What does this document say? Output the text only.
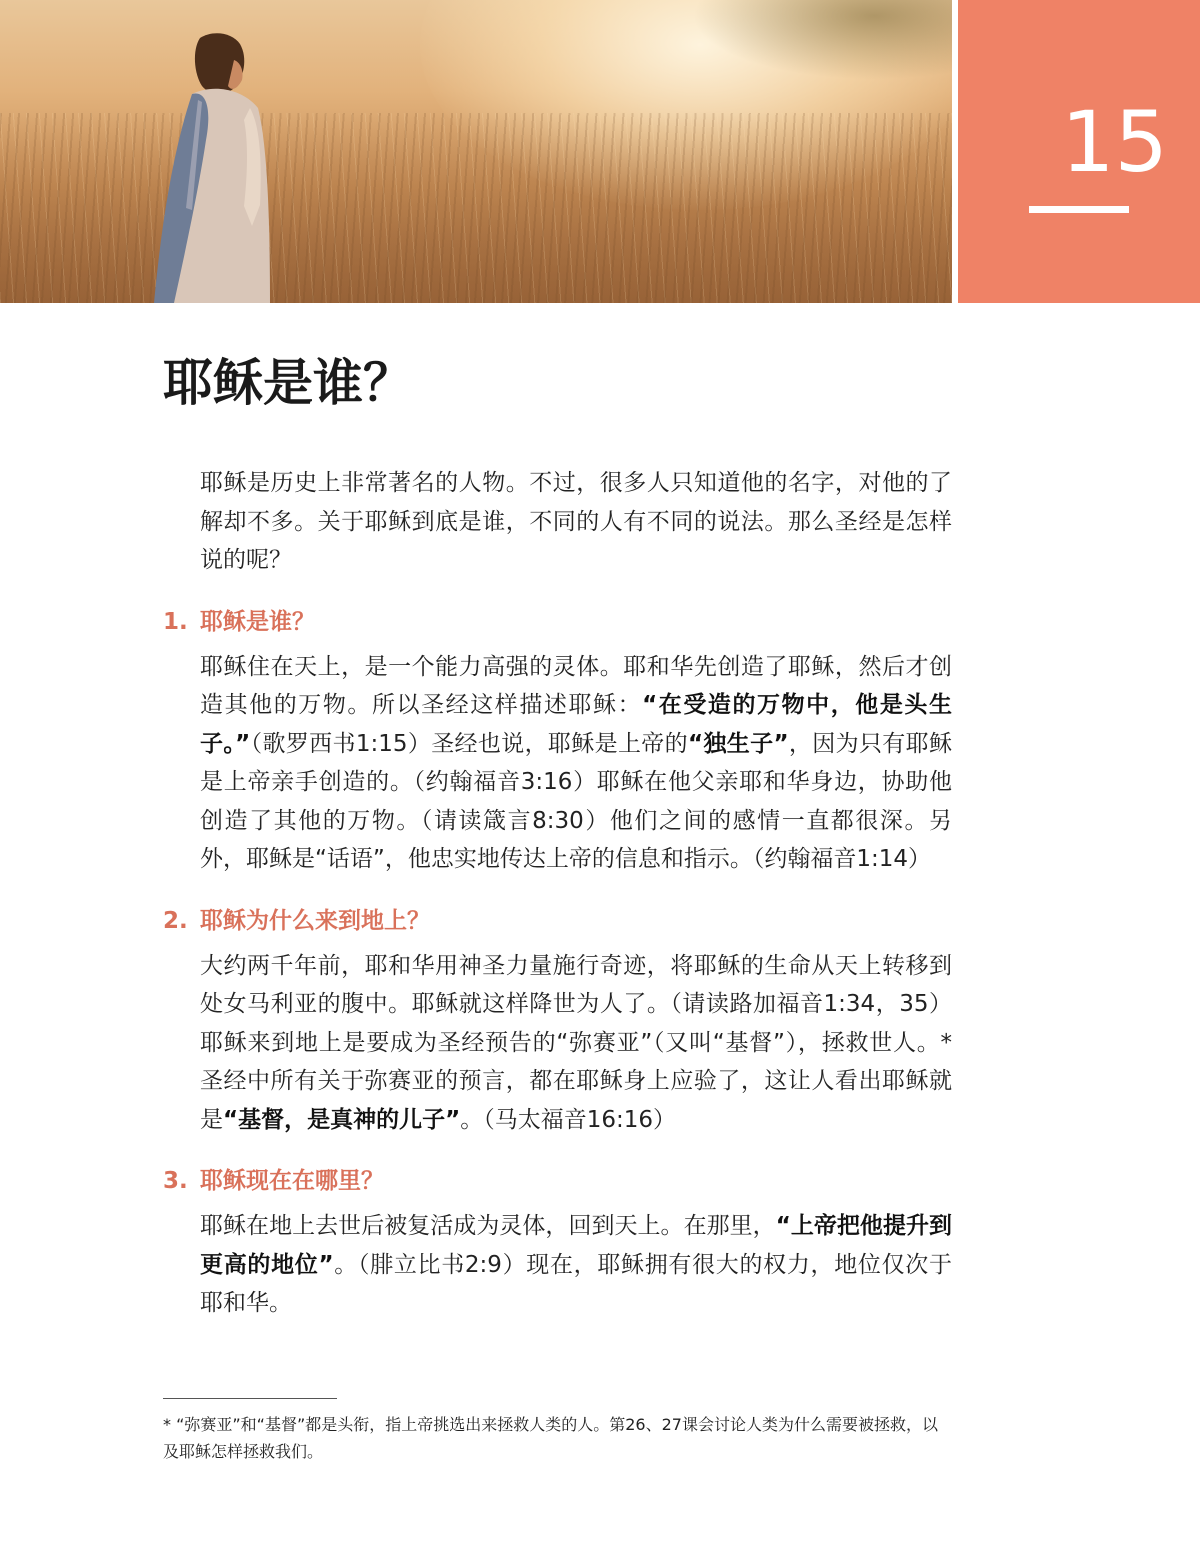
15
耶稣是谁？

耶稣是历史上非常著名的人物。不过，很多人只知道他的名字，对他的了解却不多。关于耶稣到底是谁，不同的人有不同的说法。那么圣经是怎样说的呢？

1. 耶稣是谁？

耶稣住在天上，是一个能力高强的灵体。耶和华先创造了耶稣，然后才创造其他的万物。所以圣经这样描述耶稣：“在受造的万物中，他是头生子。”（歌罗西书1:15）圣经也说，耶稣是上帝的“独生子”，因为只有耶稣是上帝亲手创造的。（约翰福音3:16）耶稣在他父亲耶和华身边，协助他创造了其他的万物。（请读箴言8:30）他们之间的感情一直都很深。另外，耶稣是“话语”，他忠实地传达上帝的信息和指示。（约翰福音1:14）

2. 耶稣为什么来到地上？

大约两千年前，耶和华用神圣力量施行奇迹，将耶稣的生命从天上转移到处女马利亚的腹中。耶稣就这样降世为人了。（请读路加福音1:34，35）耶稣来到地上是要成为圣经预告的“弥赛亚”（又叫“基督”），拯救世人。* 圣经中所有关于弥赛亚的预言，都在耶稣身上应验了，这让人看出耶稣就是“基督，是真神的儿子”。（马太福音16:16）

3. 耶稣现在在哪里？

耶稣在地上去世后被复活成为灵体，回到天上。在那里，“上帝把他提升到更高的地位”。（腓立比书2:9）现在，耶稣拥有很大的权力，地位仅次于耶和华。

* “弥赛亚”和“基督”都是头衔，指上帝挑选出来拯救人类的人。第26、27课会讨论人类为什么需要被拯救，以及耶稣怎样拯救我们。
